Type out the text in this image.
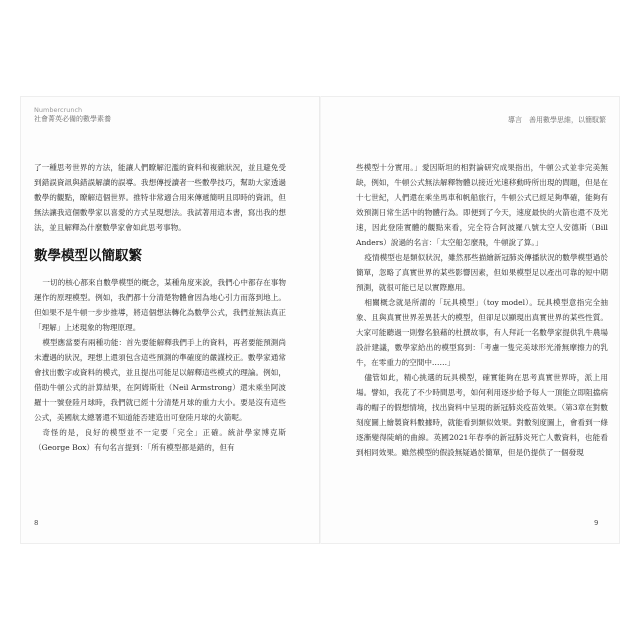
Numbercrunch
社會菁英必備的數學素養	導言　善用數學思維，以簡馭繁

了一種思考世界的方法，能讓人們瞭解氾濫的資料和複雜狀況，並且避免受到錯誤資訊與錯誤解讀的誤導。我想傳授讀者一些數學技巧，幫助大家透過數學的觀點，瞭解這個世界。推特非常適合用來傳遞簡明且即時的資訊，但無法讓我這個數學家以喜愛的方式呈現想法。我試著用這本書，寫出我的想法，並且解釋為什麼數學家會如此思考事物。

數學模型以簡馭繁

一切的核心都來自數學模型的概念，某種角度來說，我們心中都存在事物運作的原理模型。例如，我們都十分清楚物體會因為地心引力而落到地上。但如果不是牛頓一步步推導，將這個想法轉化為數學公式，我們並無法真正「理解」上述現象的物理原理。

模型應當要有兩種功能：首先要能解釋我們手上的資料，再者要能預測尚未遭遇的狀況，理想上還須包含這些預測的準確度的嚴謹校正。數學家通常會找出數字或資料的模式，並且提出可能足以解釋這些模式的理論。例如，借助牛頓公式的計算結果，在阿姆斯壯（Neil Armstrong）還未乘坐阿波羅十一號登陸月球時，我們就已經十分清楚月球的重力大小。要是沒有這些公式，美國航太總署還不知道能否建造出可登陸月球的火箭呢。

奇怪的是，良好的模型並不一定要「完全」正確。統計學家博克斯（George Box）有句名言提到：「所有模型都是錯的，但有

些模型十分實用。」愛因斯坦的相對論研究成果指出，牛頓公式並非完美無缺，例如，牛頓公式無法解釋物體以接近光速移動時所出現的問題，但是在十七世紀，人們還在乘坐馬車和帆船旅行，牛頓公式已經足夠準確，能夠有效預測日常生活中的物體行為。即便到了今天，速度最快的火箭也還不及光速，因此登陸實體的觀點來看，完全符合阿波羅八號太空人安德斯（Bill Anders）說過的名言：「太空船怎麼飛，牛頓說了算。」

疫情模型也是類似狀況，雖然那些描繪新冠肺炎傳播狀況的數學模型過於簡單，忽略了真實世界的某些影響因素，但如果模型足以產出可靠的短中期預測，就很可能已足以實際應用。

相關概念就是所謂的「玩具模型」（toy model）。玩具模型意指完全抽象、且與真實世界差異甚大的模型，但卻足以顯現出真實世界的某些性質。大家可能聽過一則聲名狼藉的杜撰故事，有人拜託一名數學家提供乳牛農場設計建議，數學家給出的模型寫到：「考慮一隻完美球形光滑無摩擦力的乳牛，在零重力的空間中……」

儘管如此，精心挑選的玩具模型，確實能夠在思考真實世界時，派上用場。譬如，我花了不少時間思考，如何利用逐步給予每人一頂能立即阻擋病毒的帽子的假想情境，找出資料中呈現的新冠肺炎疫苗效果。（第3章在對數刻度圖上繪製資料數據時，就能看到類似效果。對數刻度圖上，會看到一條逐漸變得陡峭的曲線。英國2021年春季的新冠肺炎死亡人數資料，也能看到相同效果。雖然模型的假設無疑過於簡單，但是仍提供了一個發現

8	9
